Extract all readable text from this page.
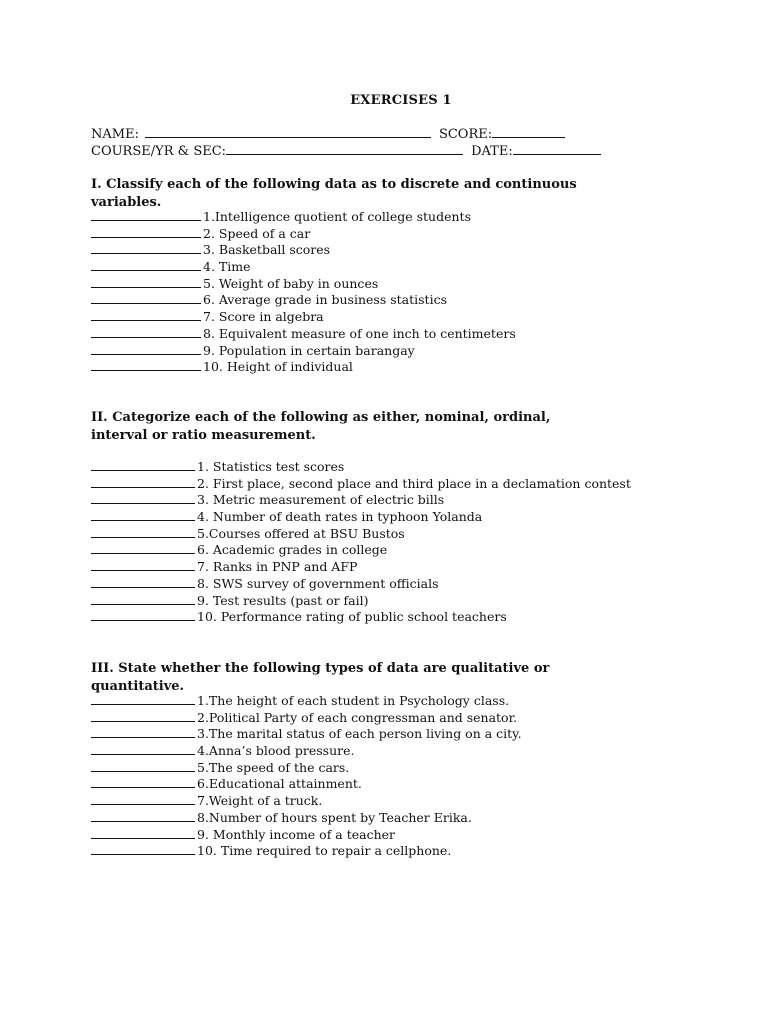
EXERCISES 1
NAME:	SCORE:
COURSE/YR & SEC:	DATE:
I. Classify each of the following data as to discrete and continuous variables.
1.Intelligence quotient of college students
2. Speed of a car
3. Basketball scores
4. Time
5. Weight of baby in ounces
6. Average grade in business statistics
7. Score in algebra
8. Equivalent measure of one inch to centimeters
9. Population in certain barangay
10. Height of individual
II. Categorize each of the following as either, nominal, ordinal, interval or ratio measurement.
1. Statistics test scores
2. First place, second place and third place in a declamation contest
3. Metric measurement of electric bills
4. Number of death rates in typhoon Yolanda
5.Courses offered at BSU Bustos
6. Academic grades in college
7. Ranks in PNP and AFP
8. SWS survey of government officials
9. Test results (past or fail)
10. Performance rating of public school teachers
III. State whether the following types of data are qualitative or quantitative.
1.The height of each student in Psychology class.
2.Political Party of each congressman and senator.
3.The marital status of each person living on a city.
4.Anna’s blood pressure.
5.The speed of the cars.
6.Educational attainment.
7.Weight of a truck.
8.Number of hours spent by Teacher Erika.
9. Monthly income of a teacher
10. Time required to repair a cellphone.
